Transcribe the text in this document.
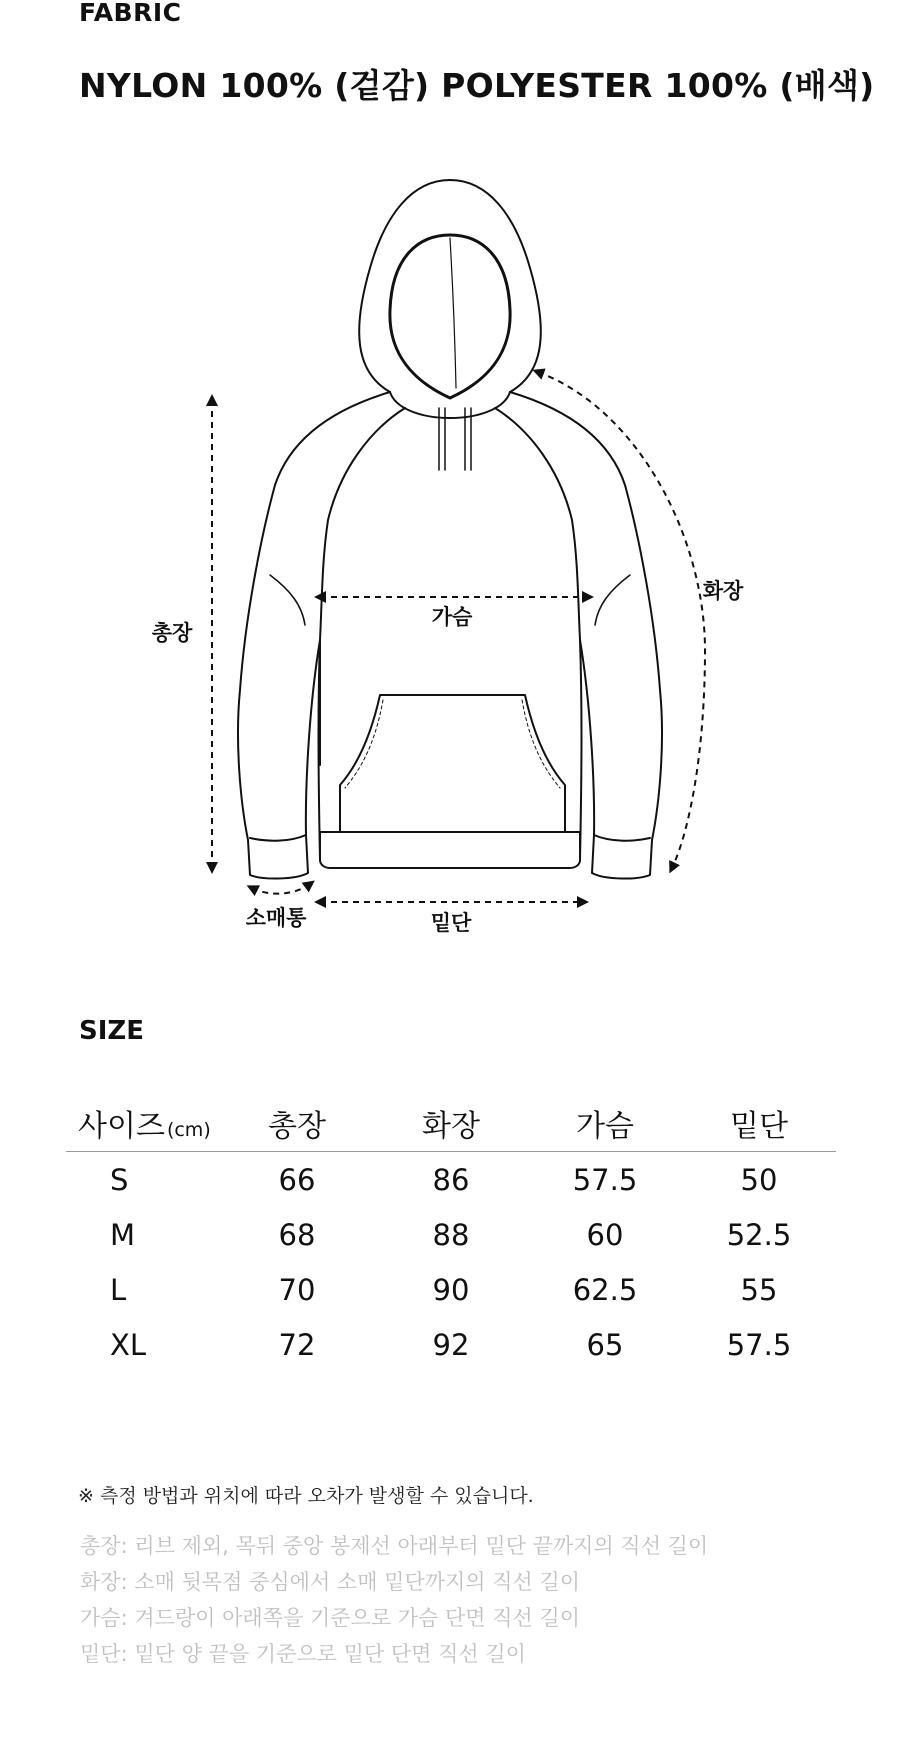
FABRIC
NYLON 100% (겉감) POLYESTER 100% (배색)
총장
가슴
화장
소매통	밑단
SIZE
사이즈 (cm)	총장	화장	가슴	밑단
S	66	86	57.5	50
M	68	88	60	52.5
L	70	90	62.5	55
XL	72	92	65	57.5
※ 측정 방법과 위치에 따라 오차가 발생할 수 있습니다.
총장: 리브 제외, 목뒤 중앙 봉제선 아래부터 밑단 끝까지의 직선 길이
화장: 소매 뒷목점 중심에서 소매 밑단까지의 직선 길이
가슴: 겨드랑이 아래쪽을 기준으로 가슴 단면 직선 길이
밑단: 밑단 양 끝을 기준으로 밑단 단면 직선 길이
